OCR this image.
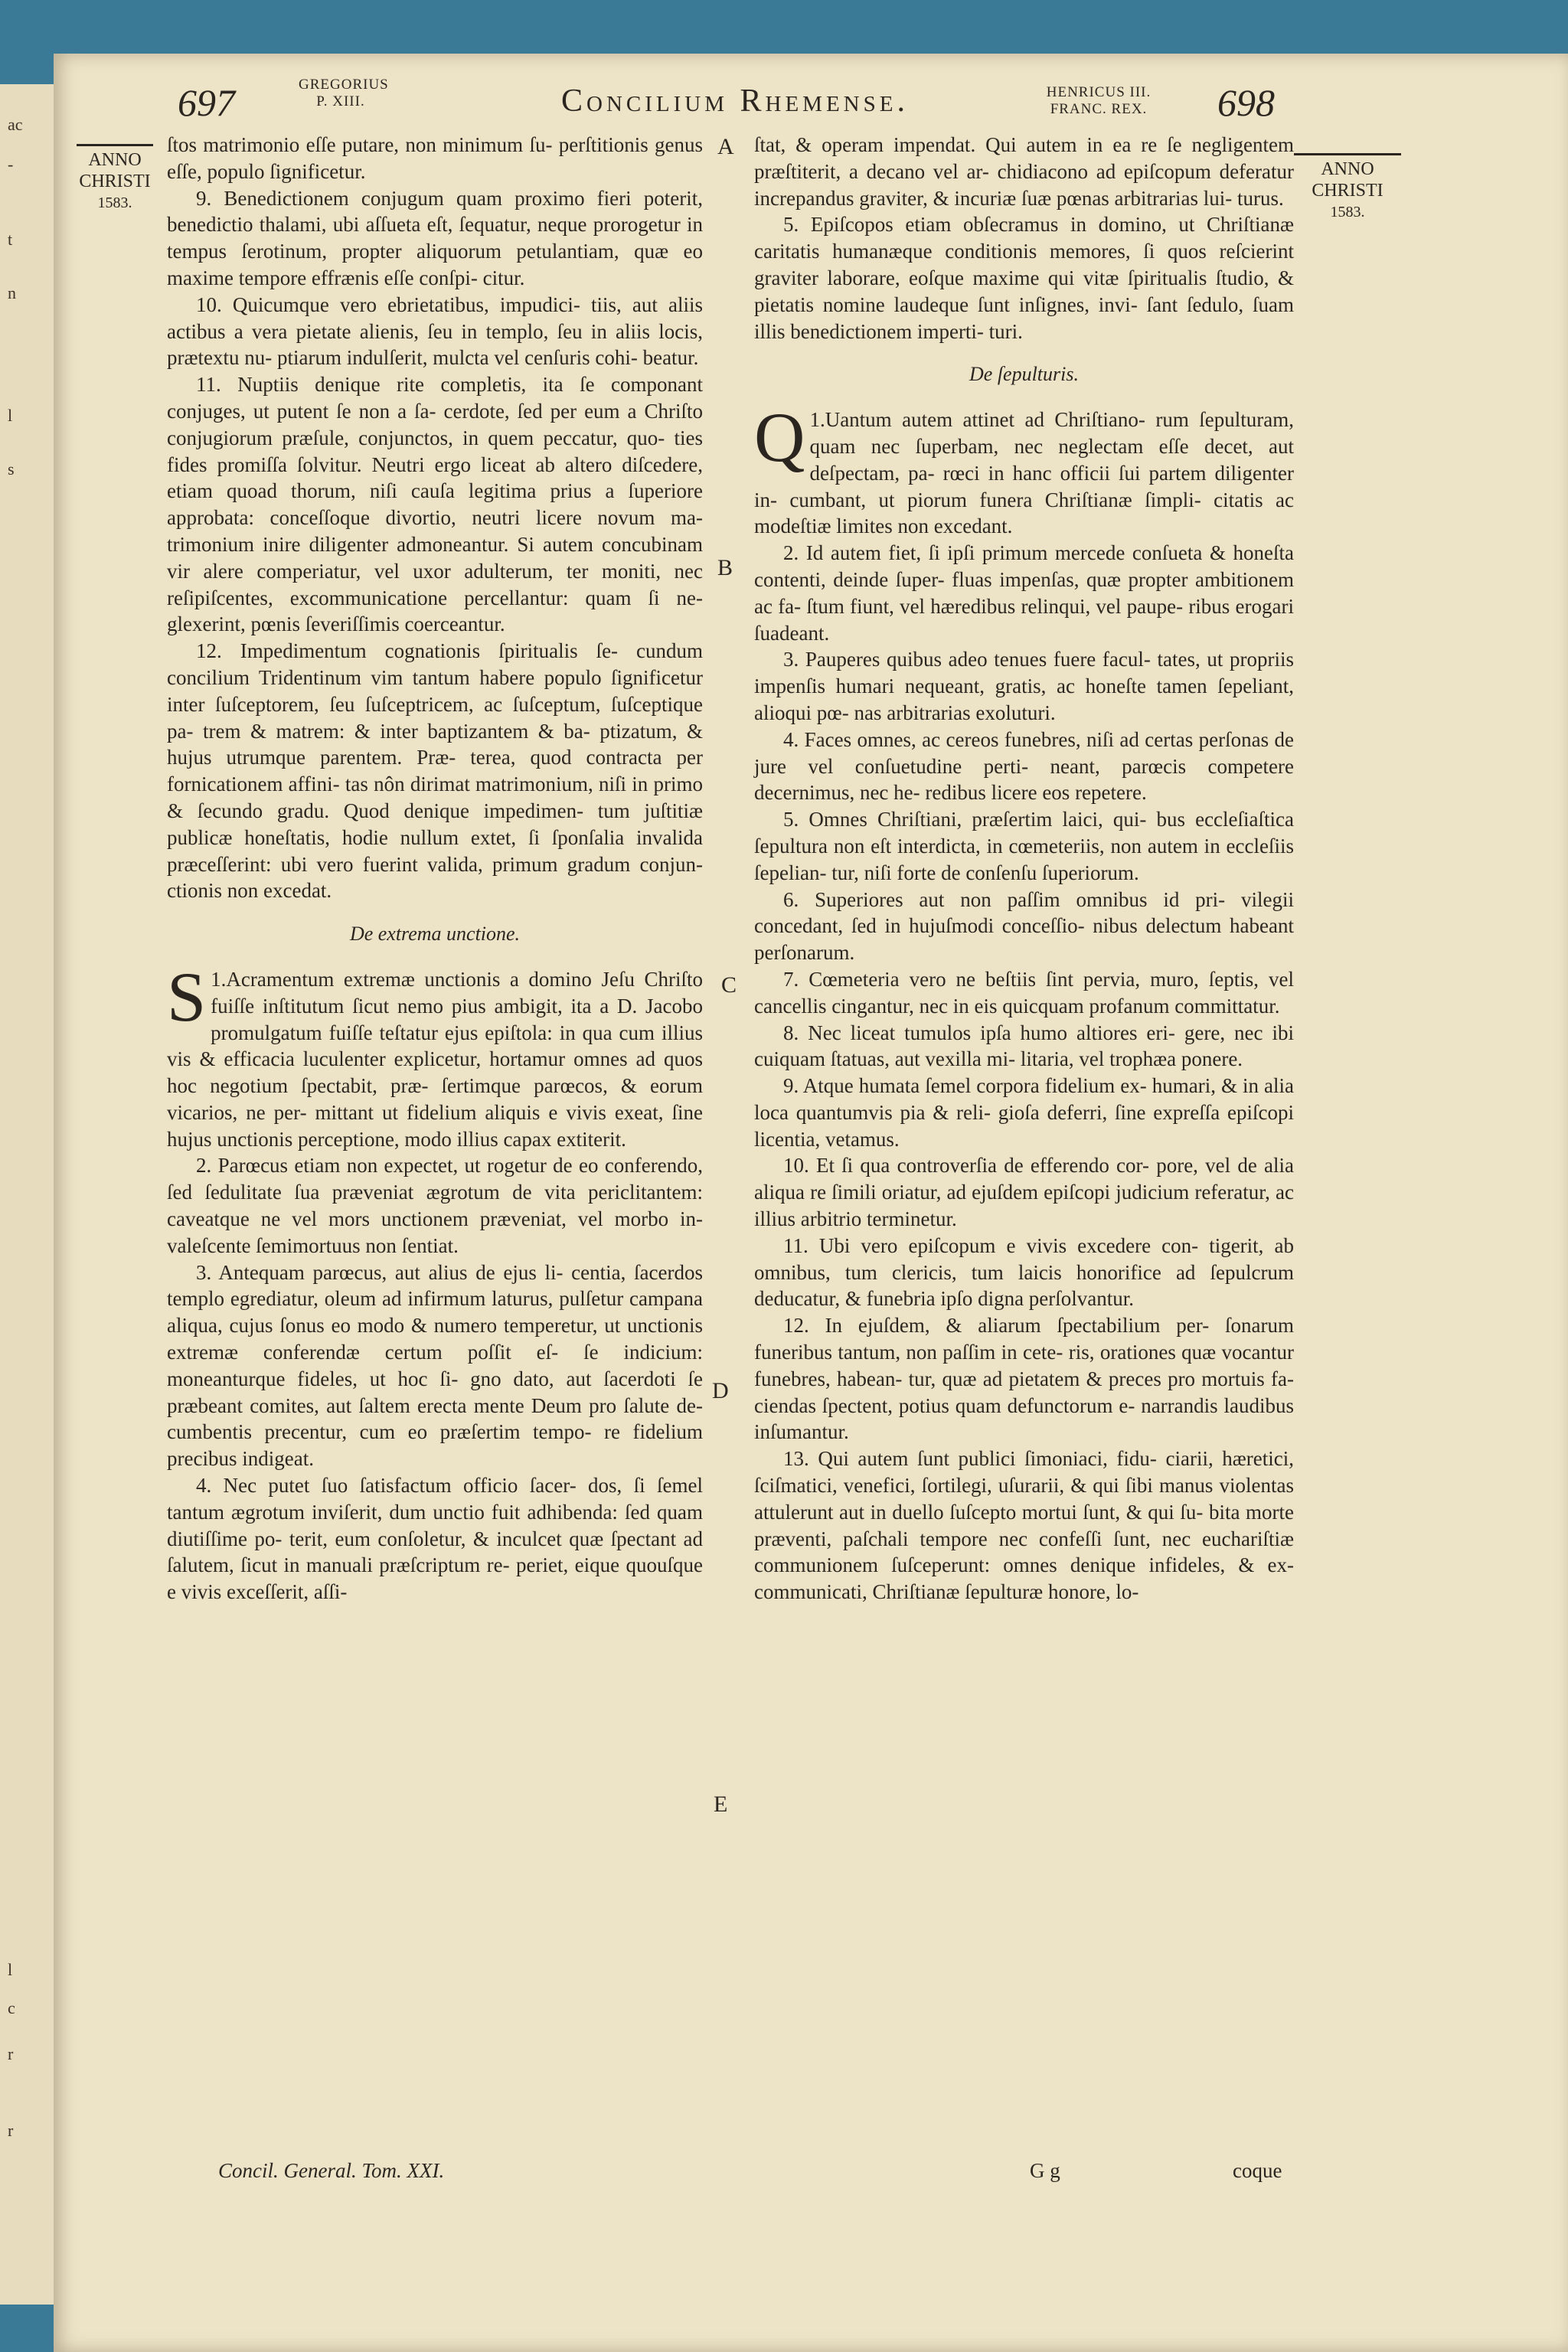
ac
-
t
n
l
s
l
c
r
r
697	GREGORIUS
P. XIII.	Concilium Rhemense.	HENRICUS III.
FRANC. REX.	698
ANNO
CHRISTI
1583.
ANNO
CHRISTI
1583.
A
B
C
D
E

ſtos matrimonio eſſe putare, non minimum ſu- perſtitionis genus eſſe, populo ſignificetur.

9. Benedictionem conjugum quam proximo fieri poterit, benedictio thalami, ubi aſſueta eſt, ſequatur, neque prorogetur in tempus ſerotinum, propter aliquorum petulantiam, quæ eo maxime tempore effrænis eſſe conſpi- citur.

10. Quicumque vero ebrietatibus, impudici- tiis, aut aliis actibus a vera pietate alienis, ſeu in templo, ſeu in aliis locis, prætextu nu- ptiarum indulſerit, mulcta vel cenſuris cohi- beatur.

11. Nuptiis denique rite completis, ita ſe componant conjuges, ut putent ſe non a ſa- cerdote, ſed per eum a Chriſto conjugiorum præſule, conjunctos, in quem peccatur, quo- ties fides promiſſa ſolvitur. Neutri ergo liceat ab altero diſcedere, etiam quoad thorum, niſi cauſa legitima prius a ſuperiore approbata: conceſſoque divortio, neutri licere novum ma- trimonium inire diligenter admoneantur. Si autem concubinam vir alere comperiatur, vel uxor adulterum, ter moniti, nec reſipiſcentes, excommunicatione percellantur: quam ſi ne- glexerint, pœnis ſeveriſſimis coerceantur.

12. Impedimentum cognationis ſpiritualis ſe- cundum concilium Tridentinum vim tantum habere populo ſignificetur inter ſuſceptorem, ſeu ſuſceptricem, ac ſuſceptum, ſuſceptique pa- trem & matrem: & inter baptizantem & ba- ptizatum, & hujus utrumque parentem. Præ- terea, quod contracta per fornicationem affini- tas nôn dirimat matrimonium, niſi in primo & ſecundo gradu. Quod denique impedimen- tum juſtitiæ publicæ honeſtatis, hodie nullum extet, ſi ſponſalia invalida præceſſerint: ubi vero fuerint valida, primum gradum conjun- ctionis non excedat.

De extrema unctione.

1.
S Acramentum extremæ unctionis a domino Jeſu Chriſto fuiſſe inſtitutum ſicut nemo pius ambigit, ita a D. Jacobo promulgatum fuiſſe teſtatur ejus epiſtola: in qua cum illius vis & efficacia luculenter explicetur, hortamur omnes ad quos hoc negotium ſpectabit, præ- ſertimque parœcos, & eorum vicarios, ne per- mittant ut fidelium aliquis e vivis exeat, ſine hujus unctionis perceptione, modo illius capax extiterit.

2. Parœcus etiam non expectet, ut rogetur de eo conferendo, ſed ſedulitate ſua præveniat ægrotum de vita periclitantem: caveatque ne vel mors unctionem præveniat, vel morbo in- valeſcente ſemimortuus non ſentiat.

3. Antequam parœcus, aut alius de ejus li- centia, ſacerdos templo egrediatur, oleum ad infirmum laturus, pulſetur campana aliqua, cujus ſonus eo modo & numero temperetur, ut unctionis extremæ conferendæ certum poſſit eſ- ſe indicium: moneanturque fideles, ut hoc ſi- gno dato, aut ſacerdoti ſe præbeant comites, aut ſaltem erecta mente Deum pro ſalute de- cumbentis precentur, cum eo præſertim tempo- re fidelium precibus indigeat.

4. Nec putet ſuo ſatisfactum officio ſacer- dos, ſi ſemel tantum ægrotum inviſerit, dum unctio fuit adhibenda: ſed quam diutiſſime po- terit, eum conſoletur, & inculcet quæ ſpectant ad ſalutem, ſicut in manuali præſcriptum re- periet, eique quouſque e vivis exceſſerit, aſſi-

ſtat, & operam impendat. Qui autem in ea re ſe negligentem præſtiterit, a decano vel ar- chidiacono ad epiſcopum deferatur increpandus graviter, & incuriæ ſuæ pœnas arbitrarias lui- turus.

5. Epiſcopos etiam obſecramus in domino, ut Chriſtianæ caritatis humanæque conditionis memores, ſi quos reſcierint graviter laborare, eoſque maxime qui vitæ ſpiritualis ſtudio, & pietatis nomine laudeque ſunt inſignes, invi- ſant ſedulo, ſuam illis benedictionem imperti- turi.

De ſepulturis.

1.
Q Uantum autem attinet ad Chriſtiano- rum ſepulturam, quam nec ſuperbam, nec neglectam eſſe decet, aut deſpectam, pa- rœci in hanc officii ſui partem diligenter in- cumbant, ut piorum funera Chriſtianæ ſimpli- citatis ac modeſtiæ limites non excedant.

2. Id autem fiet, ſi ipſi primum mercede conſueta & honeſta contenti, deinde ſuper- fluas impenſas, quæ propter ambitionem ac fa- ſtum fiunt, vel hæredibus relinqui, vel paupe- ribus erogari ſuadeant.

3. Pauperes quibus adeo tenues fuere facul- tates, ut propriis impenſis humari nequeant, gratis, ac honeſte tamen ſepeliant, alioqui pœ- nas arbitrarias exoluturi.

4. Faces omnes, ac cereos funebres, niſi ad certas perſonas de jure vel conſuetudine perti- neant, parœcis competere decernimus, nec he- redibus licere eos repetere.

5. Omnes Chriſtiani, præſertim laici, qui- bus eccleſiaſtica ſepultura non eſt interdicta, in cœmeteriis, non autem in eccleſiis ſepelian- tur, niſi forte de conſenſu ſuperiorum.

6. Superiores aut non paſſim omnibus id pri- vilegii concedant, ſed in hujuſmodi conceſſio- nibus delectum habeant perſonarum.

7. Cœmeteria vero ne beſtiis ſint pervia, muro, ſeptis, vel cancellis cingantur, nec in eis quicquam profanum committatur.

8. Nec liceat tumulos ipſa humo altiores eri- gere, nec ibi cuiquam ſtatuas, aut vexilla mi- litaria, vel trophæa ponere.

9. Atque humata ſemel corpora fidelium ex- humari, & in alia loca quantumvis pia & reli- gioſa deferri, ſine expreſſa epiſcopi licentia, vetamus.

10. Et ſi qua controverſia de efferendo cor- pore, vel de alia aliqua re ſimili oriatur, ad ejuſdem epiſcopi judicium referatur, ac illius arbitrio terminetur.

11. Ubi vero epiſcopum e vivis excedere con- tigerit, ab omnibus, tum clericis, tum laicis honorifice ad ſepulcrum deducatur, & funebria ipſo digna perſolvantur.

12. In ejuſdem, & aliarum ſpectabilium per- ſonarum funeribus tantum, non paſſim in cete- ris, orationes quæ vocantur funebres, habean- tur, quæ ad pietatem & preces pro mortuis fa- ciendas ſpectent, potius quam defunctorum e- narrandis laudibus inſumantur.

13. Qui autem ſunt publici ſimoniaci, fidu- ciarii, hæretici, ſciſmatici, venefici, ſortilegi, uſurarii, & qui ſibi manus violentas attulerunt aut in duello ſuſcepto mortui ſunt, & qui ſu- bita morte præventi, paſchali tempore nec confeſſi ſunt, nec euchariſtiæ communionem ſuſceperunt: omnes denique infideles, & ex- communicati, Chriſtianæ ſepulturæ honore, lo-

Concil. General. Tom. XXI.	G g	coque
